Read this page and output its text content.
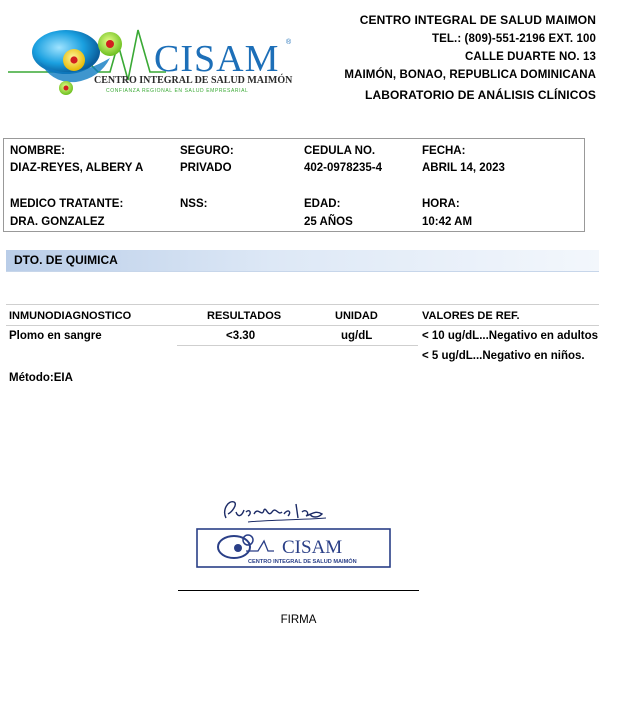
CISAM ®
CENTRO INTEGRAL DE SALUD MAIMÓN
CONFIANZA REGIONAL EN SALUD EMPRESARIAL
CENTRO INTEGRAL DE SALUD MAIMON
TEL.: (809)-551-2196 EXT. 100
CALLE DUARTE NO. 13
MAIMÓN, BONAO, REPUBLICA DOMINICANA
LABORATORIO DE ANÁLISIS CLÍNICOS
NOMBRE:
DIAZ-REYES, ALBERY A
SEGURO:
PRIVADO
CEDULA NO.
402-0978235-4
FECHA:
ABRIL 14, 2023
MEDICO TRATANTE:
DRA. GONZALEZ
NSS:	EDAD:
25 AÑOS
HORA:
10:42 AM
DTO. DE QUIMICA
INMUNODIAGNOSTICO	RESULTADOS	UNIDAD	VALORES DE REF.
Plomo en sangre	<3.30	ug/dL	< 10 ug/dL...Negativo en adultos
< 5 ug/dL...Negativo en niños.
Método:EIA
CISAM
CENTRO INTEGRAL DE SALUD MAIMÓN
FIRMA
